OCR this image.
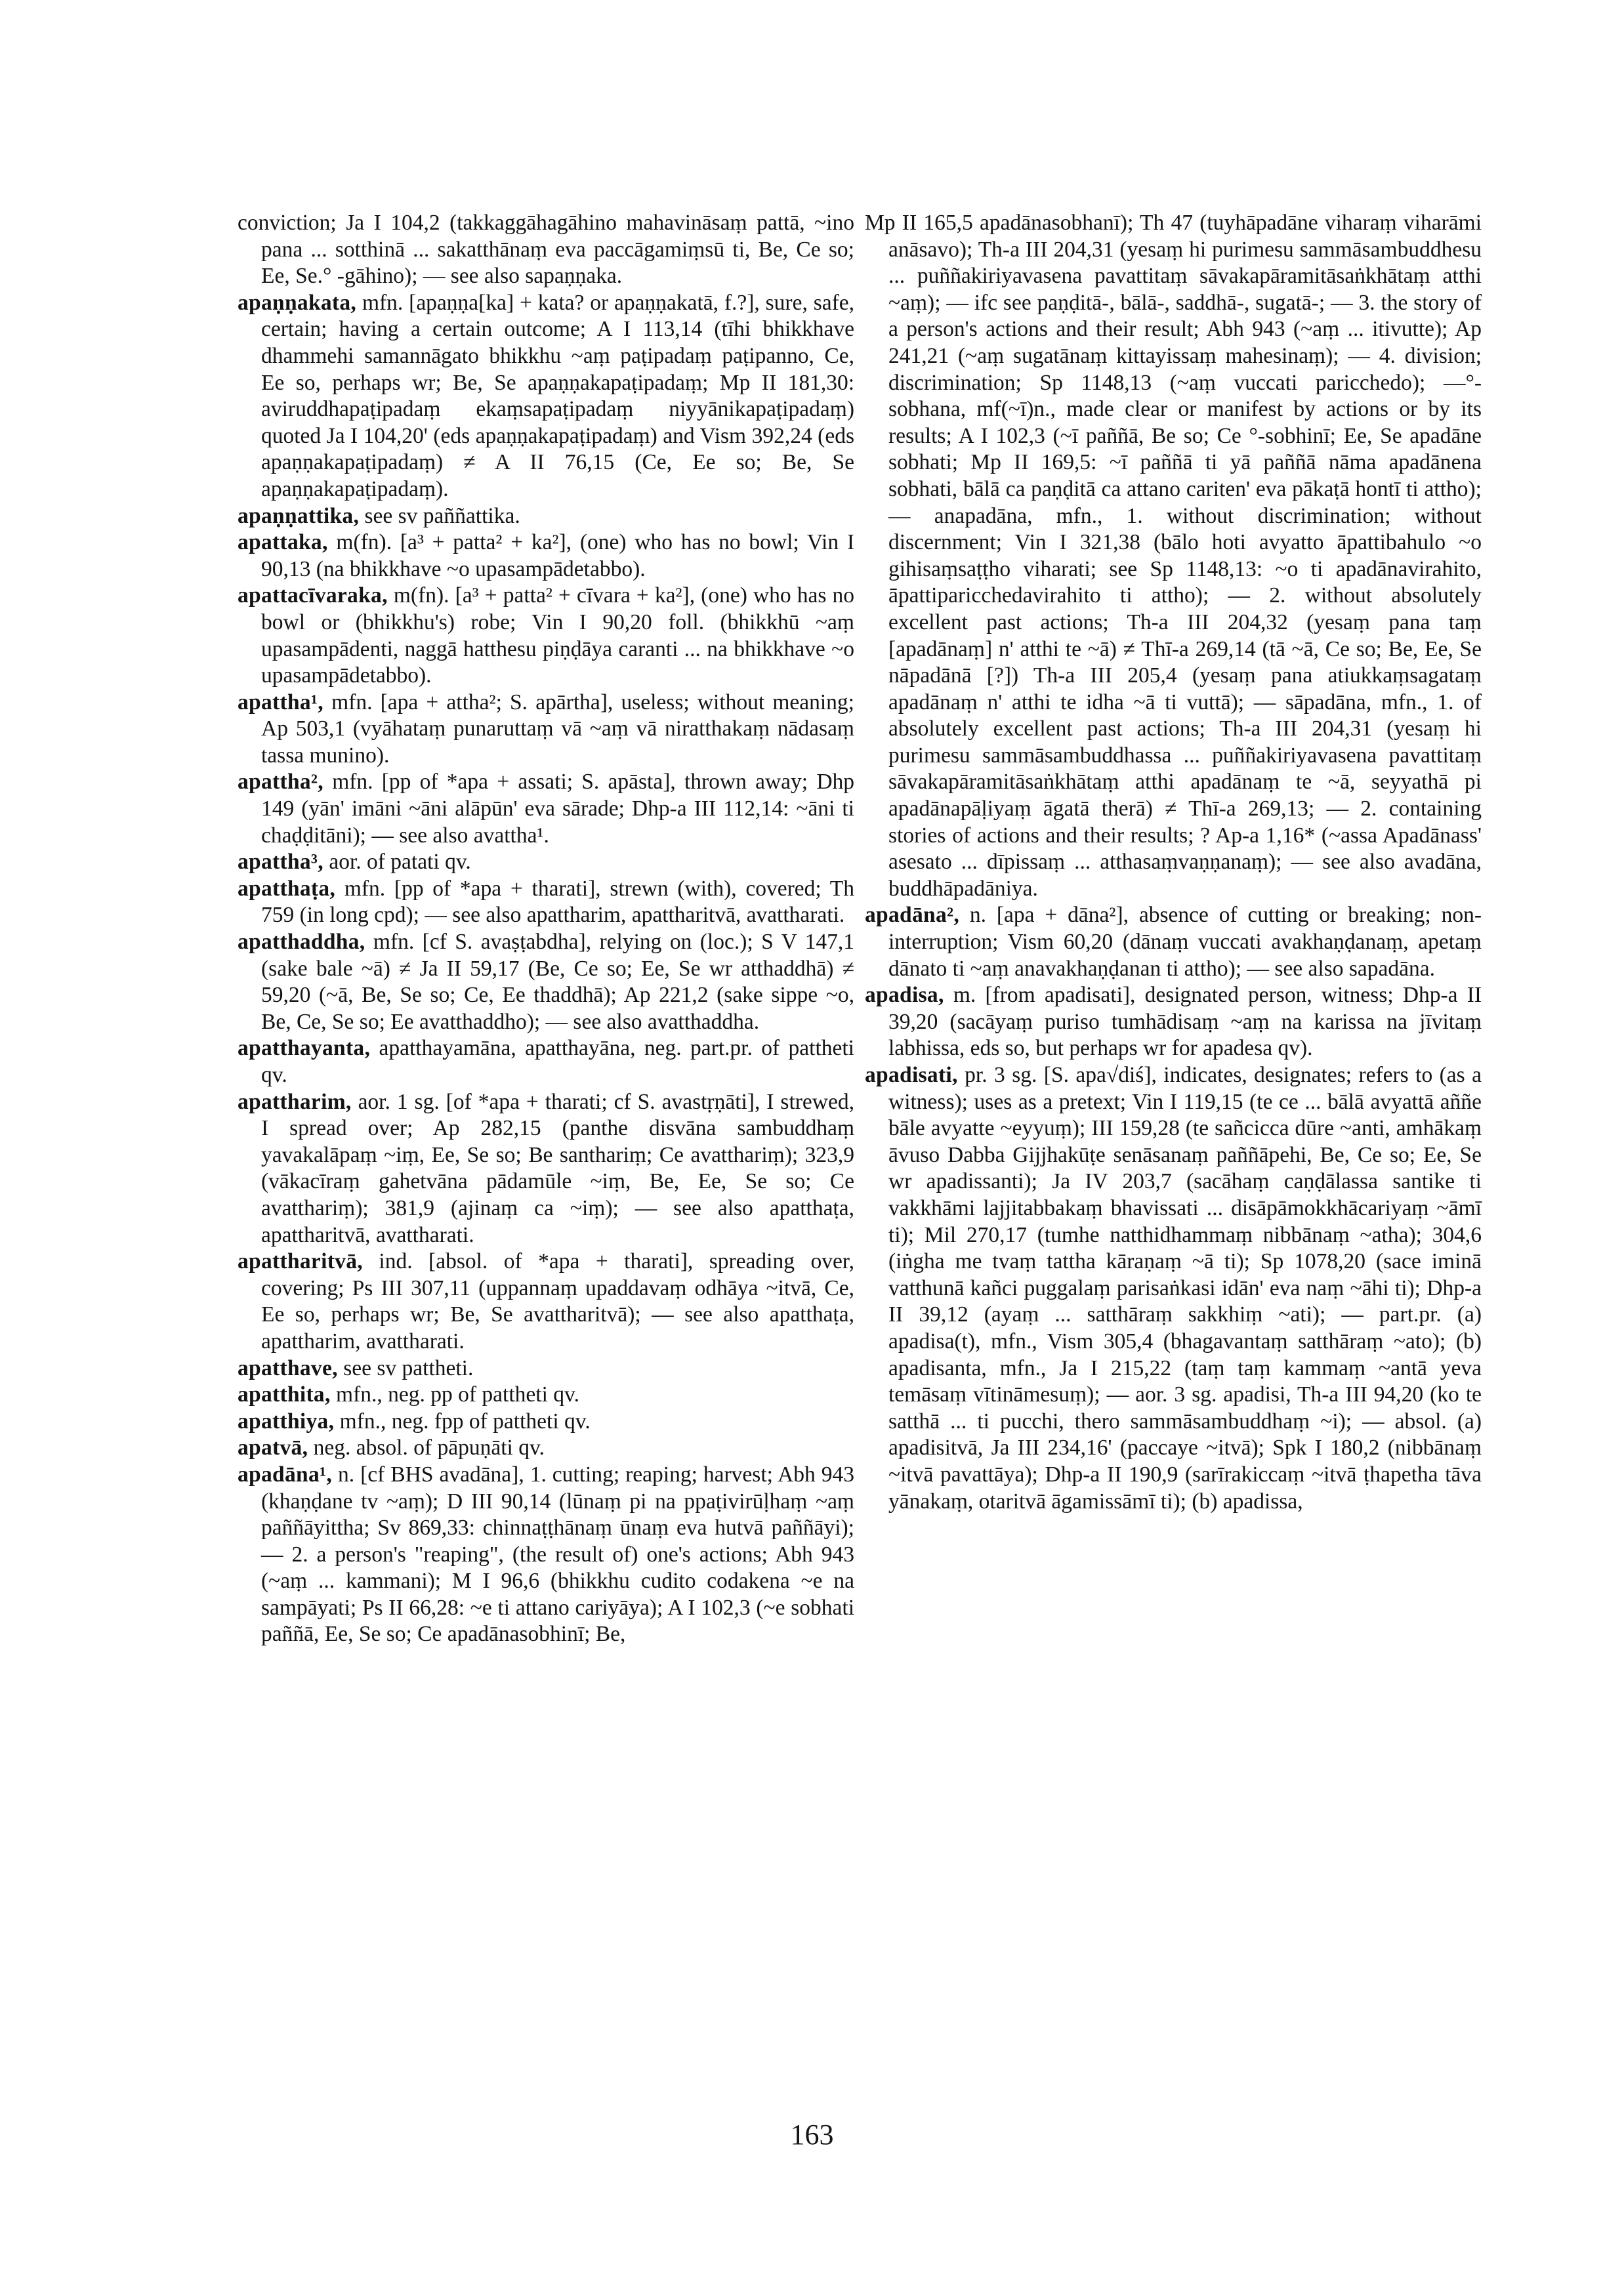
conviction; Ja I 104,2 (takkaggāhagāhino mahavināsaṃ pattā, ~ino pana ... sotthinā ... sakatthānaṃ eva paccāgamiṃsū ti, Be, Ce so; Ee, Se.° -gāhino); — see also sapaṇṇaka.

apaṇṇakata, mfn. [apaṇṇa[ka] + kata? or apaṇṇakatā, f.?], sure, safe, certain; having a certain outcome; A I 113,14 (tīhi bhikkhave dhammehi samannāgato bhikkhu ~aṃ paṭipadaṃ paṭipanno, Ce, Ee so, perhaps wr; Be, Se apaṇṇakapaṭipadaṃ; Mp II 181,30: aviruddhapaṭipadaṃ ekaṃsapaṭipadaṃ niyyānikapaṭipadaṃ) quoted Ja I 104,20' (eds apaṇṇakapaṭipadaṃ) and Vism 392,24 (eds apaṇṇakapaṭipadaṃ) ≠ A II 76,15 (Ce, Ee so; Be, Se apaṇṇakapaṭipadaṃ).

apaṇṇattika, see sv paññattika.

apattaka, m(fn). [a³ + patta² + ka²], (one) who has no bowl; Vin I 90,13 (na bhikkhave ~o upasampādetabbo).

apattacīvaraka, m(fn). [a³ + patta² + cīvara + ka²], (one) who has no bowl or (bhikkhu's) robe; Vin I 90,20 foll. (bhikkhū ~aṃ upasampādenti, naggā hatthesu piṇḍāya caranti ... na bhikkhave ~o upasampādetabbo).

apattha¹, mfn. [apa + attha²; S. apārtha], useless; without meaning; Ap 503,1 (vyāhataṃ punaruttaṃ vā ~aṃ vā niratthakaṃ nādasaṃ tassa munino).

apattha², mfn. [pp of *apa + assati; S. apāsta], thrown away; Dhp 149 (yān' imāni ~āni alāpūn' eva sārade; Dhp-a III 112,14: ~āni ti chaḍḍitāni); — see also avattha¹.

apattha³, aor. of patati qv.

apatthaṭa, mfn. [pp of *apa + tharati], strewn (with), covered; Th 759 (in long cpd); — see also apattharim, apattharitvā, avattharati.

apatthaddha, mfn. [cf S. avaṣṭabdha], relying on (loc.); S V 147,1 (sake bale ~ā) ≠ Ja II 59,17 (Be, Ce so; Ee, Se wr atthaddhā) ≠ 59,20 (~ā, Be, Se so; Ce, Ee thaddhā); Ap 221,2 (sake sippe ~o, Be, Ce, Se so; Ee avatthaddho); — see also avatthaddha.

apatthayanta, apatthayamāna, apatthayāna, neg. part.pr. of pattheti qv.

apattharim, aor. 1 sg. [of *apa + tharati; cf S. avastṛṇāti], I strewed, I spread over; Ap 282,15 (panthe disvāna sambuddhaṃ yavakalāpaṃ ~iṃ, Ee, Se so; Be santhariṃ; Ce avatthariṃ); 323,9 (vākacīraṃ gahetvāna pādamūle ~iṃ, Be, Ee, Se so; Ce avatthariṃ); 381,9 (ajinaṃ ca ~iṃ); — see also apatthaṭa, apattharitvā, avattharati.

apattharitvā, ind. [absol. of *apa + tharati], spreading over, covering; Ps III 307,11 (uppannaṃ upaddavaṃ odhāya ~itvā, Ce, Ee so, perhaps wr; Be, Se avattharitvā); — see also apatthaṭa, apattharim, avattharati.

apatthave, see sv pattheti.

apatthita, mfn., neg. pp of pattheti qv.

apatthiya, mfn., neg. fpp of pattheti qv.

apatvā, neg. absol. of pāpuṇāti qv.

apadāna¹, n. [cf BHS avadāna], 1. cutting; reaping; harvest; Abh 943 (khaṇḍane tv ~aṃ); D III 90,14 (lūnaṃ pi na ppaṭivirūḷhaṃ ~aṃ paññāyittha; Sv 869,33: chinnaṭṭhānaṃ ūnaṃ eva hutvā paññāyi); — 2. a person's "reaping", (the result of) one's actions; Abh 943 (~aṃ ... kammani); M I 96,6 (bhikkhu cudito codakena ~e na sampāyati; Ps II 66,28: ~e ti attano cariyāya); A I 102,3 (~e sobhati paññā, Ee, Se so; Ce apadānasobhinī; Be,

Mp II 165,5 apadānasobhanī); Th 47 (tuyhāpadāne viharaṃ viharāmi anāsavo); Th-a III 204,31 (yesaṃ hi purimesu sammāsambuddhesu ... puññakiriyavasena pavattitaṃ sāvakapāramitāsaṅkhātaṃ atthi ~aṃ); — ifc see paṇḍitā-, bālā-, saddhā-, sugatā-; — 3. the story of a person's actions and their result; Abh 943 (~aṃ ... itivutte); Ap 241,21 (~aṃ sugatānaṃ kittayissaṃ mahesinaṃ); — 4. division; discrimination; Sp 1148,13 (~aṃ vuccati paricchedo); —°-sobhana, mf(~ī)n., made clear or manifest by actions or by its results; A I 102,3 (~ī paññā, Be so; Ce °-sobhinī; Ee, Se apadāne sobhati; Mp II 169,5: ~ī paññā ti yā paññā nāma apadānena sobhati, bālā ca paṇḍitā ca attano cariten' eva pākaṭā hontī ti attho); — anapadāna, mfn., 1. without discrimination; without discernment; Vin I 321,38 (bālo hoti avyatto āpattibahulo ~o gihisaṃsaṭṭho viharati; see Sp 1148,13: ~o ti apadānavirahito, āpattiparicchedavirahito ti attho); — 2. without absolutely excellent past actions; Th-a III 204,32 (yesaṃ pana taṃ [apadānaṃ] n' atthi te ~ā) ≠ Thī-a 269,14 (tā ~ā, Ce so; Be, Ee, Se nāpadānā [?]) Th-a III 205,4 (yesaṃ pana atiukkaṃsagataṃ apadānaṃ n' atthi te idha ~ā ti vuttā); — sāpadāna, mfn., 1. of absolutely excellent past actions; Th-a III 204,31 (yesaṃ hi purimesu sammāsambuddhassa ... puññakiriyavasena pavattitaṃ sāvakapāramitāsaṅkhātaṃ atthi apadānaṃ te ~ā, seyyathā pi apadānapāḷiyaṃ āgatā therā) ≠ Thī-a 269,13; — 2. containing stories of actions and their results; ? Ap-a 1,16* (~assa Apadānass' asesato ... dīpissaṃ ... atthasaṃvaṇṇanaṃ); — see also avadāna, buddhāpadāniya.

apadāna², n. [apa + dāna²], absence of cutting or breaking; non-interruption; Vism 60,20 (dānaṃ vuccati avakhaṇḍanaṃ, apetaṃ dānato ti ~aṃ anavakhaṇḍanan ti attho); — see also sapadāna.

apadisa, m. [from apadisati], designated person, witness; Dhp-a II 39,20 (sacāyaṃ puriso tumhādisaṃ ~aṃ na karissa na jīvitaṃ labhissa, eds so, but perhaps wr for apadesa qv).

apadisati, pr. 3 sg. [S. apa√diś], indicates, designates; refers to (as a witness); uses as a pretext; Vin I 119,15 (te ce ... bālā avyattā aññe bāle avyatte ~eyyuṃ); III 159,28 (te sañcicca dūre ~anti, amhākaṃ āvuso Dabba Gijjhakūṭe senāsanaṃ paññāpehi, Be, Ce so; Ee, Se wr apadissanti); Ja IV 203,7 (sacāhaṃ caṇḍālassa santike ti vakkhāmi lajjitabbakaṃ bhavissati ... disāpāmokkhācariyaṃ ~āmī ti); Mil 270,17 (tumhe natthidhammaṃ nibbānaṃ ~atha); 304,6 (iṅgha me tvaṃ tattha kāraṇaṃ ~ā ti); Sp 1078,20 (sace iminā vatthunā kañci puggalaṃ parisaṅkasi idān' eva naṃ ~āhi ti); Dhp-a II 39,12 (ayaṃ ... satthāraṃ sakkhiṃ ~ati); — part.pr. (a) apadisa(t), mfn., Vism 305,4 (bhagavantaṃ satthāraṃ ~ato); (b) apadisanta, mfn., Ja I 215,22 (taṃ taṃ kammaṃ ~antā yeva temāsaṃ vītināmesuṃ); — aor. 3 sg. apadisi, Th-a III 94,20 (ko te satthā ... ti pucchi, thero sammāsambuddhaṃ ~i); — absol. (a) apadisitvā, Ja III 234,16' (paccaye ~itvā); Spk I 180,2 (nibbānaṃ ~itvā pavattāya); Dhp-a II 190,9 (sarīrakiccaṃ ~itvā ṭhapetha tāva yānakaṃ, otaritvā āgamissāmī ti); (b) apadissa,

163
